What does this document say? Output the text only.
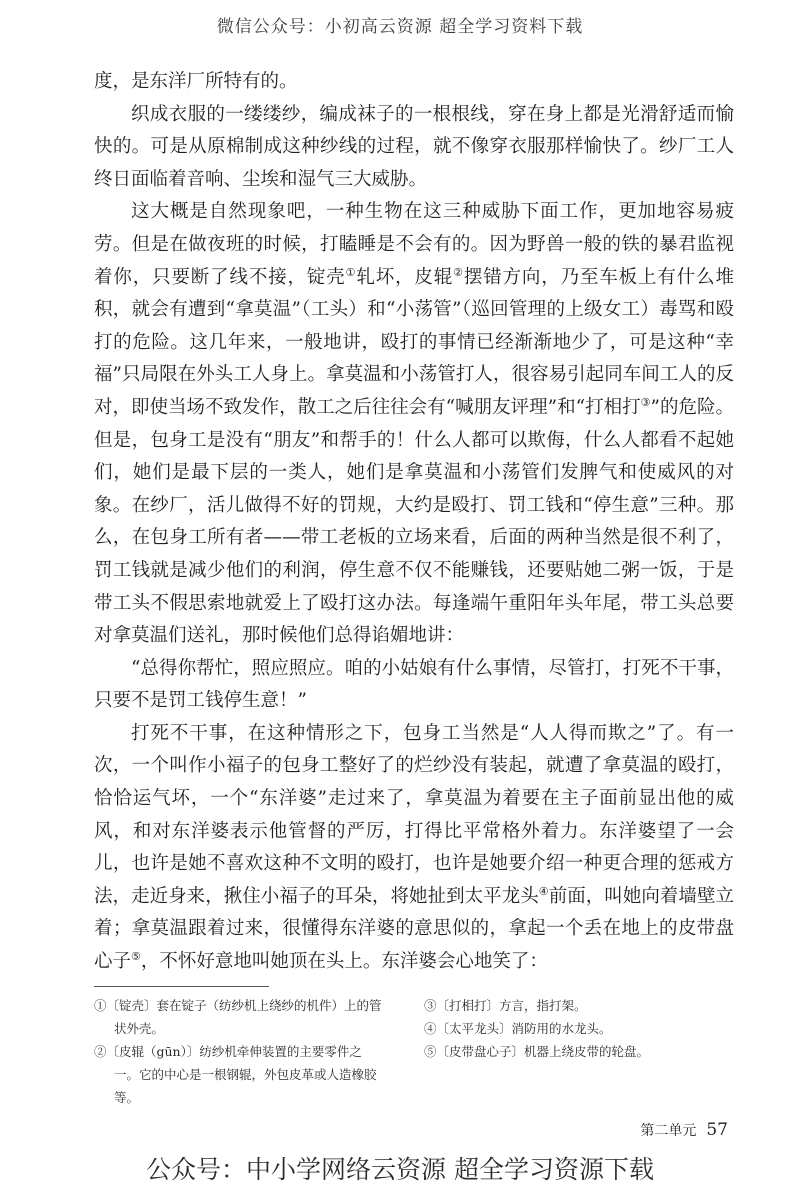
微信公众号：小初高云资源 超全学习资料下载

度，是东洋厂所特有的。

织成衣服的一缕缕纱，编成袜子的一根根线，穿在身上都是光滑舒适而愉快的。可是从原棉制成这种纱线的过程，就不像穿衣服那样愉快了。纱厂工人终日面临着音响、尘埃和湿气三大威胁。

这大概是自然现象吧，一种生物在这三种威胁下面工作，更加地容易疲劳。但是在做夜班的时候，打瞌睡是不会有的。因为野兽一般的铁的暴君监视着你，只要断了线不接，锭壳①轧坏，皮辊②摆错方向，乃至车板上有什么堆积，就会有遭到“拿莫温”（工头）和“小荡管”（巡回管理的上级女工）毒骂和殴打的危险。这几年来，一般地讲，殴打的事情已经渐渐地少了，可是这种“幸福”只局限在外头工人身上。拿莫温和小荡管打人，很容易引起同车间工人的反对，即使当场不致发作，散工之后往往会有“喊朋友评理”和“打相打③”的危险。但是，包身工是没有“朋友”和帮手的！什么人都可以欺侮，什么人都看不起她们，她们是最下层的一类人，她们是拿莫温和小荡管们发脾气和使威风的对象。在纱厂，活儿做得不好的罚规，大约是殴打、罚工钱和“停生意”三种。那么，在包身工所有者——带工老板的立场来看，后面的两种当然是很不利了，罚工钱就是减少他们的利润，停生意不仅不能赚钱，还要贴她二粥一饭，于是带工头不假思索地就爱上了殴打这办法。每逢端午重阳年头年尾，带工头总要对拿莫温们送礼，那时候他们总得谄媚地讲：

“总得你帮忙，照应照应。咱的小姑娘有什么事情，尽管打，打死不干事，只要不是罚工钱停生意！”

打死不干事，在这种情形之下，包身工当然是“人人得而欺之”了。有一次，一个叫作小福子的包身工整好了的烂纱没有装起，就遭了拿莫温的殴打，恰恰运气坏，一个“东洋婆”走过来了，拿莫温为着要在主子面前显出他的威风，和对东洋婆表示他管督的严厉，打得比平常格外着力。东洋婆望了一会儿，也许是她不喜欢这种不文明的殴打，也许是她要介绍一种更合理的惩戒方法，走近身来，揪住小福子的耳朵，将她扯到太平龙头④前面，叫她向着墙壁立着；拿莫温跟着过来，很懂得东洋婆的意思似的，拿起一个丢在地上的皮带盘心子⑤，不怀好意地叫她顶在头上。东洋婆会心地笑了：

①〔锭壳〕套在锭子（纺纱机上绕纱的机件）上的管状外壳。

②〔皮辊（gūn）〕纺纱机牵伸装置的主要零件之一。它的中心是一根钢辊，外包皮革或人造橡胶等。

③〔打相打〕方言，指打架。

④〔太平龙头〕消防用的水龙头。

⑤〔皮带盘心子〕机器上绕皮带的轮盘。

第二单元 57
公众号：中小学网络云资源 超全学习资源下载
